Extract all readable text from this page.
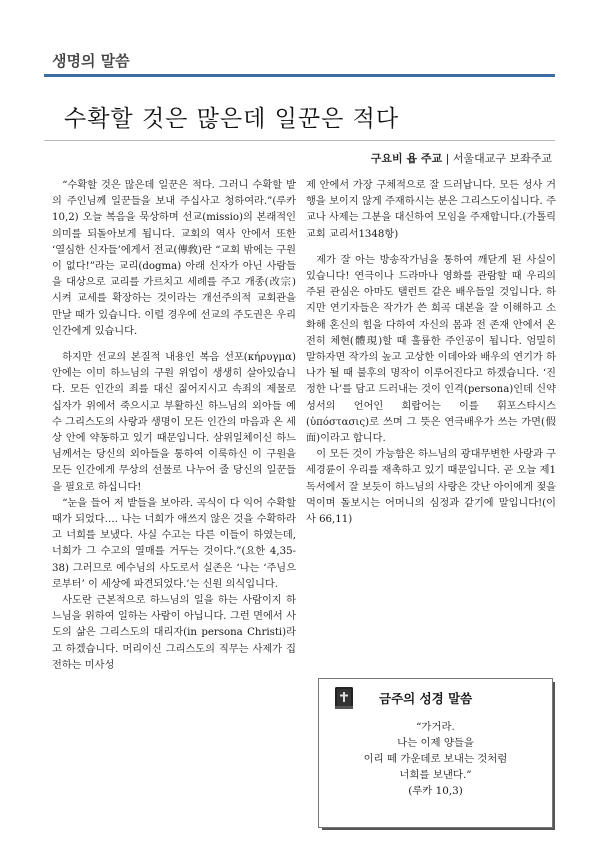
생명의 말씀
수확할 것은 많은데 일꾼은 적다
구요비 욥 주교 | 서울대교구 보좌주교

“수확할 것은 많은데 일꾼은 적다. 그러니 수확할 밭의 주인님께 일꾼들을 보내 주십사고 청하여라.”(루카 10,2) 오늘 복음을 묵상하며 선교(missio)의 본래적인 의미를 되돌아보게 됩니다. 교회의 역사 안에서 또한 ‘열심한 신자들’에게서 전교(傳敎)란 “교회 밖에는 구원이 없다!”라는 교리(dogma) 아래 신자가 아닌 사람들을 대상으로 교리를 가르치고 세례를 주고 개종(改宗)시켜 교세를 확장하는 것이라는 개선주의적 교회관을 만날 때가 있습니다. 이럴 경우에 선교의 주도권은 우리 인간에게 있습니다.

하지만 선교의 본질적 내용인 복음 선포(κήρυγμα) 안에는 이미 하느님의 구원 위업이 생생히 살아있습니다. 모든 인간의 죄를 대신 짊어지시고 속죄의 제물로 십자가 위에서 죽으시고 부활하신 하느님의 외아들 예수 그리스도의 사랑과 생명이 모든 인간의 마음과 온 세상 안에 약동하고 있기 때문입니다. 삼위일체이신 하느님께서는 당신의 외아들을 통하여 이룩하신 이 구원을 모든 인간에게 무상의 선물로 나누어 줄 당신의 일꾼들을 필요로 하십니다!

“눈을 들어 저 밭들을 보아라. 곡식이 다 익어 수확할 때가 되었다.… 나는 너희가 애쓰지 않은 것을 수확하라고 너희를 보냈다. 사실 수고는 다른 이들이 하였는데, 너희가 그 수고의 열매를 거두는 것이다.”(요한 4,35-38) 그러므로 예수님의 사도로서 실존은 ‘나는 ‘주님으로부터’ 이 세상에 파견되었다.’는 신원 의식입니다.

사도란 근본적으로 하느님의 일을 하는 사람이지 하느님을 위하여 일하는 사람이 아닙니다. 그런 면에서 사도의 삶은 그리스도의 대리자(in persona Christi)라고 하겠습니다. 머리이신 그리스도의 직무는 사제가 집전하는 미사성

제 안에서 가장 구체적으로 잘 드러납니다. 모든 성사 거행을 보이지 않게 주재하시는 분은 그리스도이십니다. 주교나 사제는 그분을 대신하여 모임을 주재합니다.(가톨릭교회 교리서1348항)

제가 잘 아는 방송작가님을 통하여 깨닫게 된 사실이 있습니다! 연극이나 드라마나 영화를 관람할 때 우리의 주된 관심은 아마도 탤런트 같은 배우들일 것입니다. 하지만 연기자들은 작가가 쓴 희곡 대본을 잘 이해하고 소화해 혼신의 힘을 다하여 자신의 몸과 전 존재 안에서 온전히 체현(體現)할 때 훌륭한 주인공이 됩니다. 엄밀히 말하자면 작가의 높고 고상한 이데아와 배우의 연기가 하나가 될 때 불후의 명작이 이루어진다고 하겠습니다. ‘진정한 나’를 담고 드러내는 것이 인격(persona)인데 신약성서의 언어인 희랍어는 이를 휘포스타시스(ὑπόστασις)로 쓰며 그 뜻은 연극배우가 쓰는 가면(假面)이라고 합니다.

이 모든 것이 가능함은 하느님의 광대무변한 사랑과 구세경륜이 우리를 재촉하고 있기 때문입니다. 곧 오늘 제1독서에서 잘 보듯이 하느님의 사랑은 갓난 아이에게 젖을 먹이며 돌보시는 어머니의 심정과 같기에 말입니다!(이사 66,11)

금주의 성경 말씀
“가거라.
나는 이제 양들을
이리 떼 가운데로 보내는 것처럼
너희를 보낸다.”
(루카 10,3)
